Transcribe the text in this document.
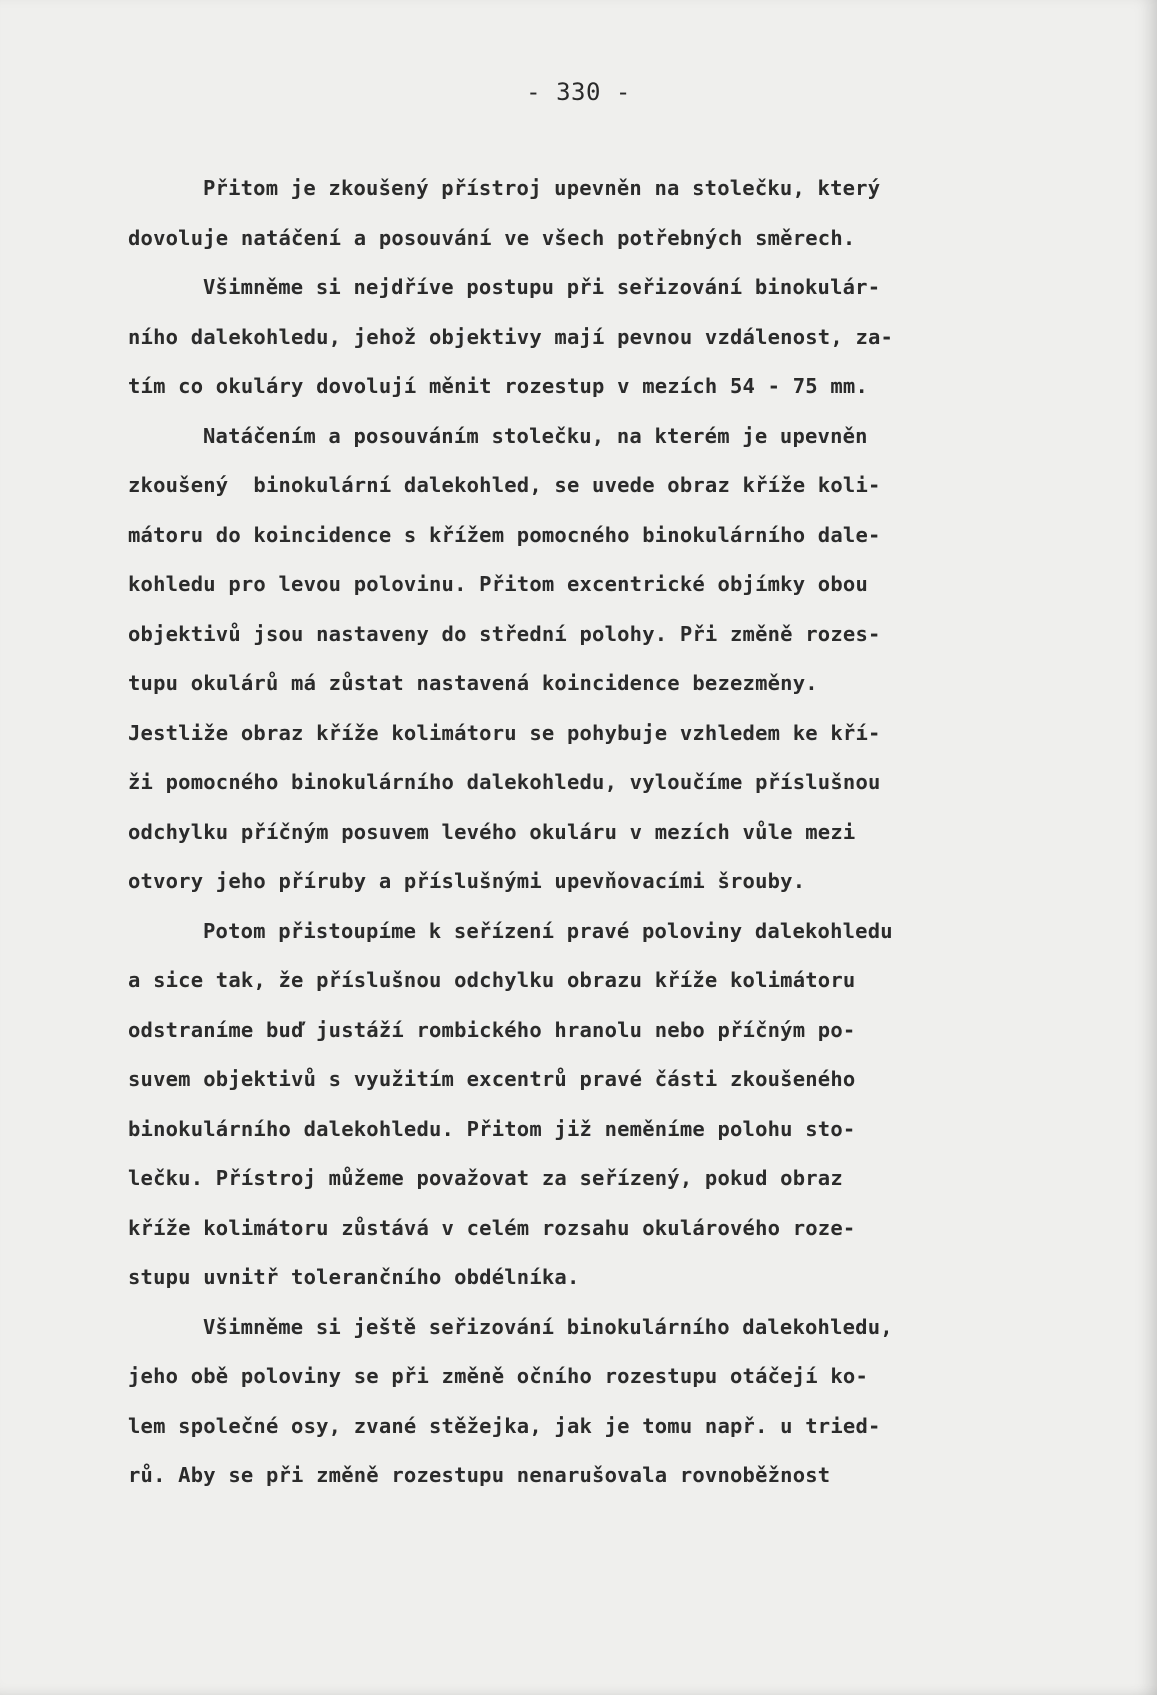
- 330 -
Přitom je zkoušený přístroj upevněn na stolečku, který
dovoluje natáčení a posouvání ve všech potřebných směrech.
Všimněme si nejdříve postupu při seřizování binokulár-
ního dalekohledu, jehož objektivy mají pevnou vzdálenost, za-
tím co okuláry dovolují měnit rozestup v mezích 54 - 75 mm.
Natáčením a posouváním stolečku, na kterém je upevněn
zkoušený  binokulární dalekohled, se uvede obraz kříže koli-
mátoru do koincidence s křížem pomocného binokulárního dale-
kohledu pro levou polovinu. Přitom excentrické objímky obou
objektivů jsou nastaveny do střední polohy. Při změně rozes-
tupu okulárů má zůstat nastavená koincidence bezezměny.
Jestliže obraz kříže kolimátoru se pohybuje vzhledem ke kří-
ži pomocného binokulárního dalekohledu, vyloučíme příslušnou
odchylku příčným posuvem levého okuláru v mezích vůle mezi
otvory jeho příruby a příslušnými upevňovacími šrouby.
Potom přistoupíme k seřízení pravé poloviny dalekohledu
a sice tak, že příslušnou odchylku obrazu kříže kolimátoru
odstraníme buď justáží rombického hranolu nebo příčným po-
suvem objektivů s využitím excentrů pravé části zkoušeného
binokulárního dalekohledu. Přitom již neměníme polohu sto-
lečku. Přístroj můžeme považovat za seřízený, pokud obraz
kříže kolimátoru zůstává v celém rozsahu okulárového roze-
stupu uvnitř tolerančního obdélníka.
Všimněme si ještě seřizování binokulárního dalekohledu,
jeho obě poloviny se při změně očního rozestupu otáčejí ko-
lem společné osy, zvané stěžejka, jak je tomu např. u tried-
rů. Aby se při změně rozestupu nenarušovala rovnoběžnost
